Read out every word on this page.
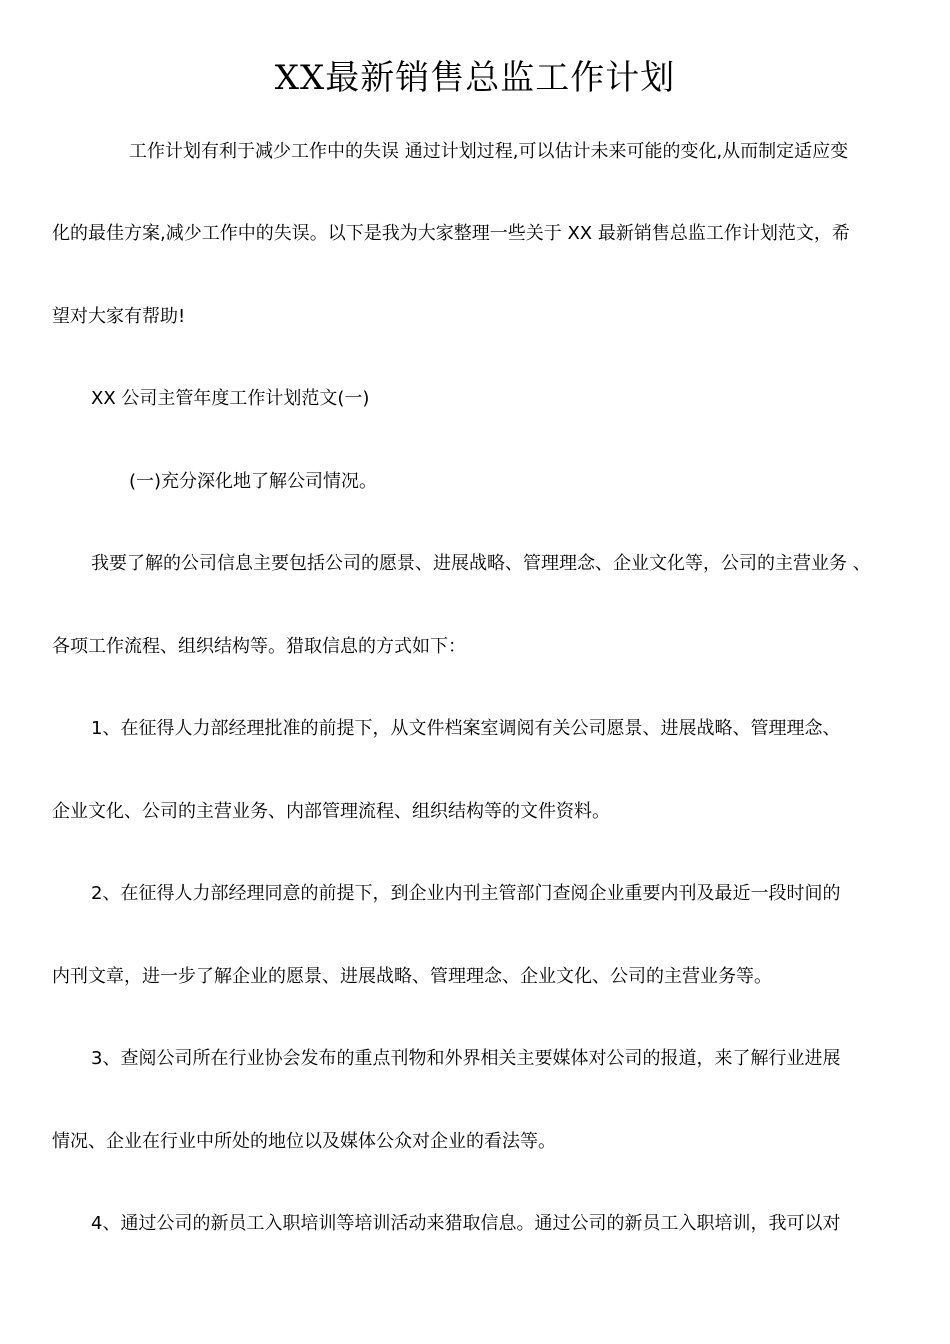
XX最新销售总监工作计划
工作计划有利于减少工作中的失误 通过计划过程,可以估计未来可能的变化,从而制定适应变
化的最佳方案,减少工作中的失误。以下是我为大家整理一些关于 XX 最新销售总监工作计划范文，希
望对大家有帮助!
XX 公司主管年度工作计划范文(一)
(一)充分深化地了解公司情况。
我要了解的公司信息主要包括公司的愿景、进展战略、管理理念、企业文化等，公司的主营业务 、
各项工作流程、组织结构等。猎取信息的方式如下：
1、在征得人力部经理批准的前提下，从文件档案室调阅有关公司愿景、进展战略、管理理念、
企业文化、公司的主营业务、内部管理流程、组织结构等的文件资料。
2、在征得人力部经理同意的前提下，到企业内刊主管部门查阅企业重要内刊及最近一段时间的
内刊文章，进一步了解企业的愿景、进展战略、管理理念、企业文化、公司的主营业务等。
3、查阅公司所在行业协会发布的重点刊物和外界相关主要媒体对公司的报道，来了解行业进展
情况、企业在行业中所处的地位以及媒体公众对企业的看法等。
4、通过公司的新员工入职培训等培训活动来猎取信息。通过公司的新员工入职培训，我可以对
